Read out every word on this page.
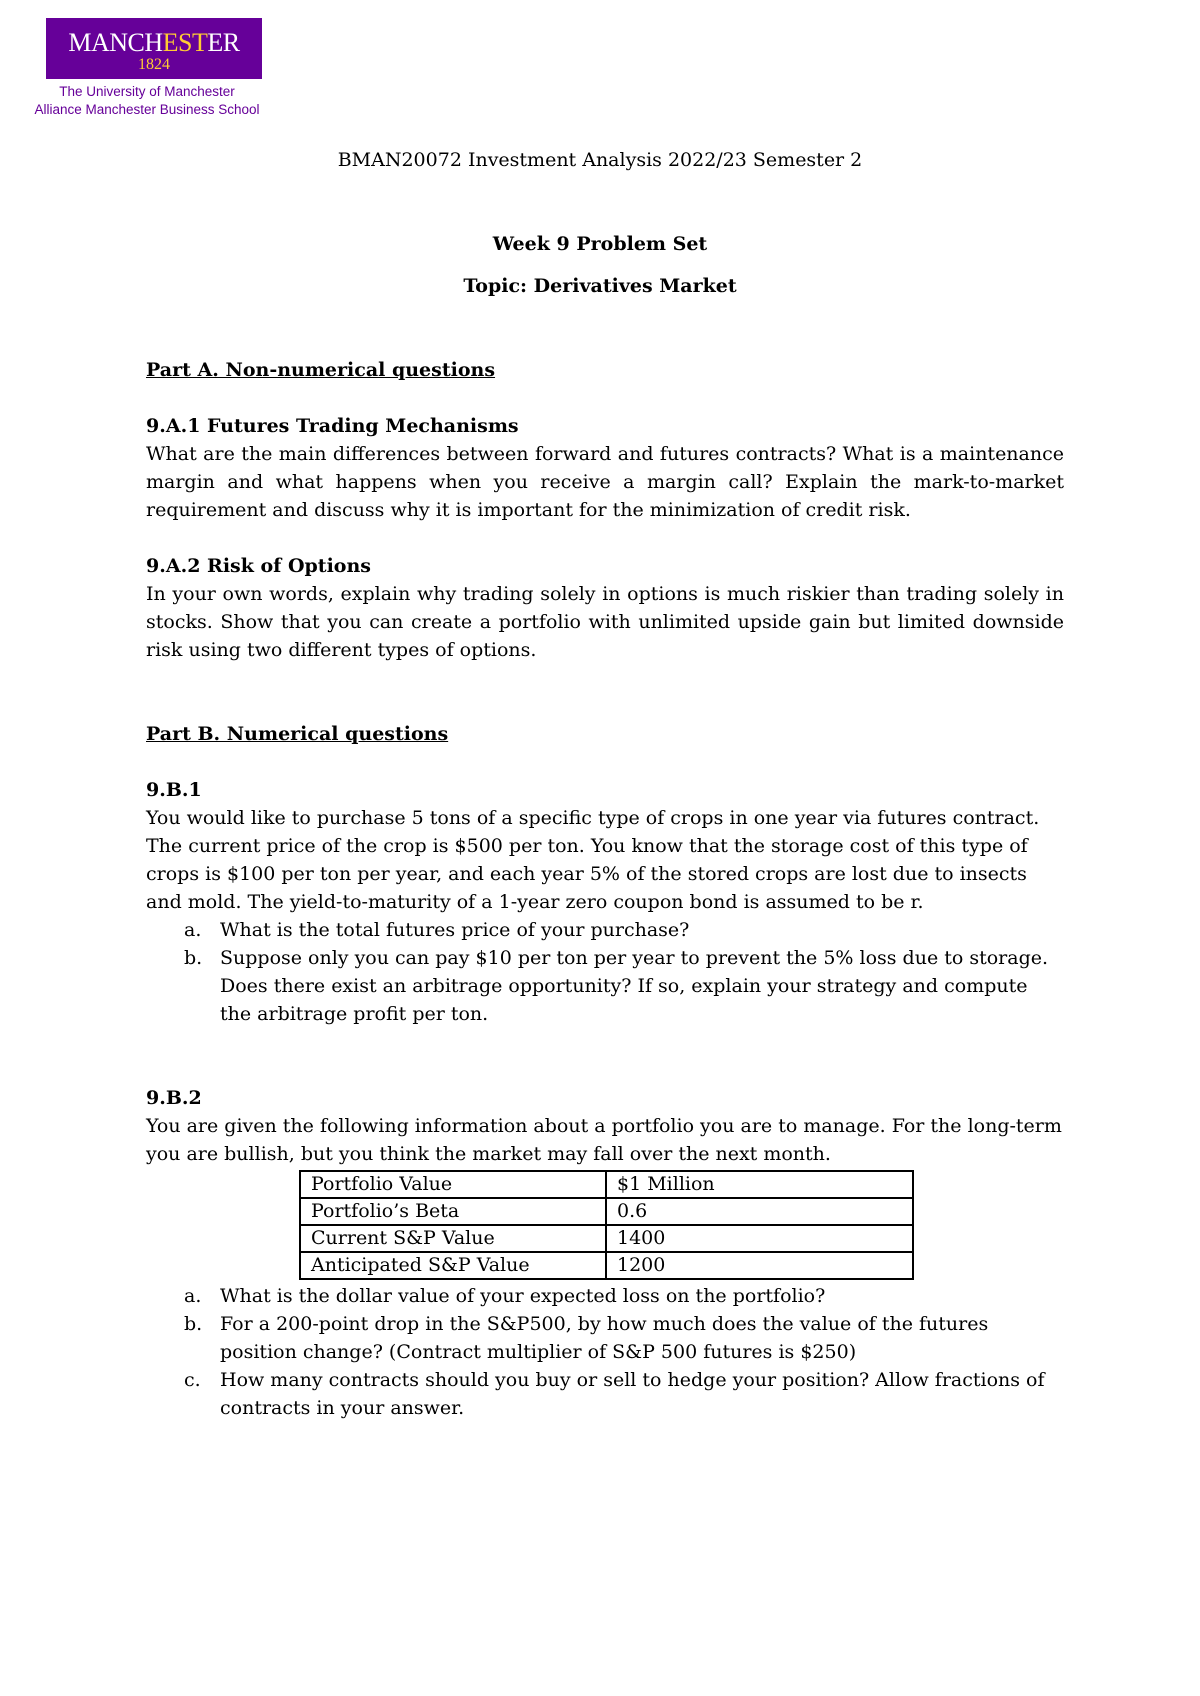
MANCHESTER
1824
The University of Manchester
Alliance Manchester Business School
BMAN20072 Investment Analysis 2022/23 Semester 2
Week 9 Problem Set
Topic: Derivatives Market
Part A. Non-numerical questions
9.A.1 Futures Trading Mechanisms
What are the main differences between forward and futures contracts? What is a maintenance margin and what happens when you receive a margin call? Explain the mark-to-market requirement and discuss why it is important for the minimization of credit risk.
9.A.2 Risk of Options
In your own words, explain why trading solely in options is much riskier than trading solely in stocks. Show that you can create a portfolio with unlimited upside gain but limited downside risk using two different types of options.
Part B. Numerical questions
9.B.1
You would like to purchase 5 tons of a specific type of crops in one year via futures contract. The current price of the crop is $500 per ton. You know that the storage cost of this type of crops is $100 per ton per year, and each year 5% of the stored crops are lost due to insects and mold. The yield-to-maturity of a 1-year zero coupon bond is assumed to be r.
a. What is the total futures price of your purchase?
b. Suppose only you can pay $10 per ton per year to prevent the 5% loss due to storage. Does there exist an arbitrage opportunity? If so, explain your strategy and compute the arbitrage profit per ton.
9.B.2
You are given the following information about a portfolio you are to manage. For the long-term you are bullish, but you think the market may fall over the next month.
Portfolio Value	$1 Million
Portfolio’s Beta	0.6
Current S&P Value	1400
Anticipated S&P Value	1200
a. What is the dollar value of your expected loss on the portfolio?
b. For a 200-point drop in the S&P500, by how much does the value of the futures position change? (Contract multiplier of S&P 500 futures is $250)
c. How many contracts should you buy or sell to hedge your position? Allow fractions of contracts in your answer.
